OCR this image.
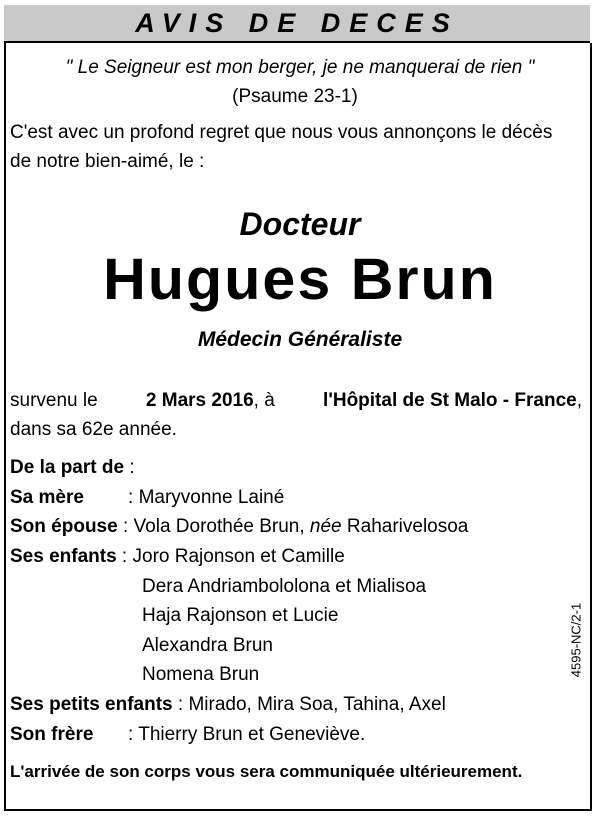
AVIS DE DECES
" Le Seigneur est mon berger, je ne manquerai de rien "
(Psaume 23-1)
C'est avec un profond regret que nous vous annonçons le décès
de notre bien-aimé, le :
Docteur
Hugues Brun
Médecin Généraliste
survenu le	2 Mars 2016, à	l'Hôpital de St Malo - France,
dans sa 62e année.
De la part de :
Sa mère : Maryvonne Lainé
Son épouse : Vola Dorothée Brun, née Raharivelosoa
Ses enfants : Joro Rajonson et Camille
Dera Andriambololona et Mialisoa
Haja Rajonson et Lucie
Alexandra Brun
Nomena Brun
Ses petits enfants : Mirado, Mira Soa, Tahina, Axel
Son frère : Thierry Brun et Geneviève.
L'arrivée de son corps vous sera communiquée ultérieurement.
4595-NC/2-1
